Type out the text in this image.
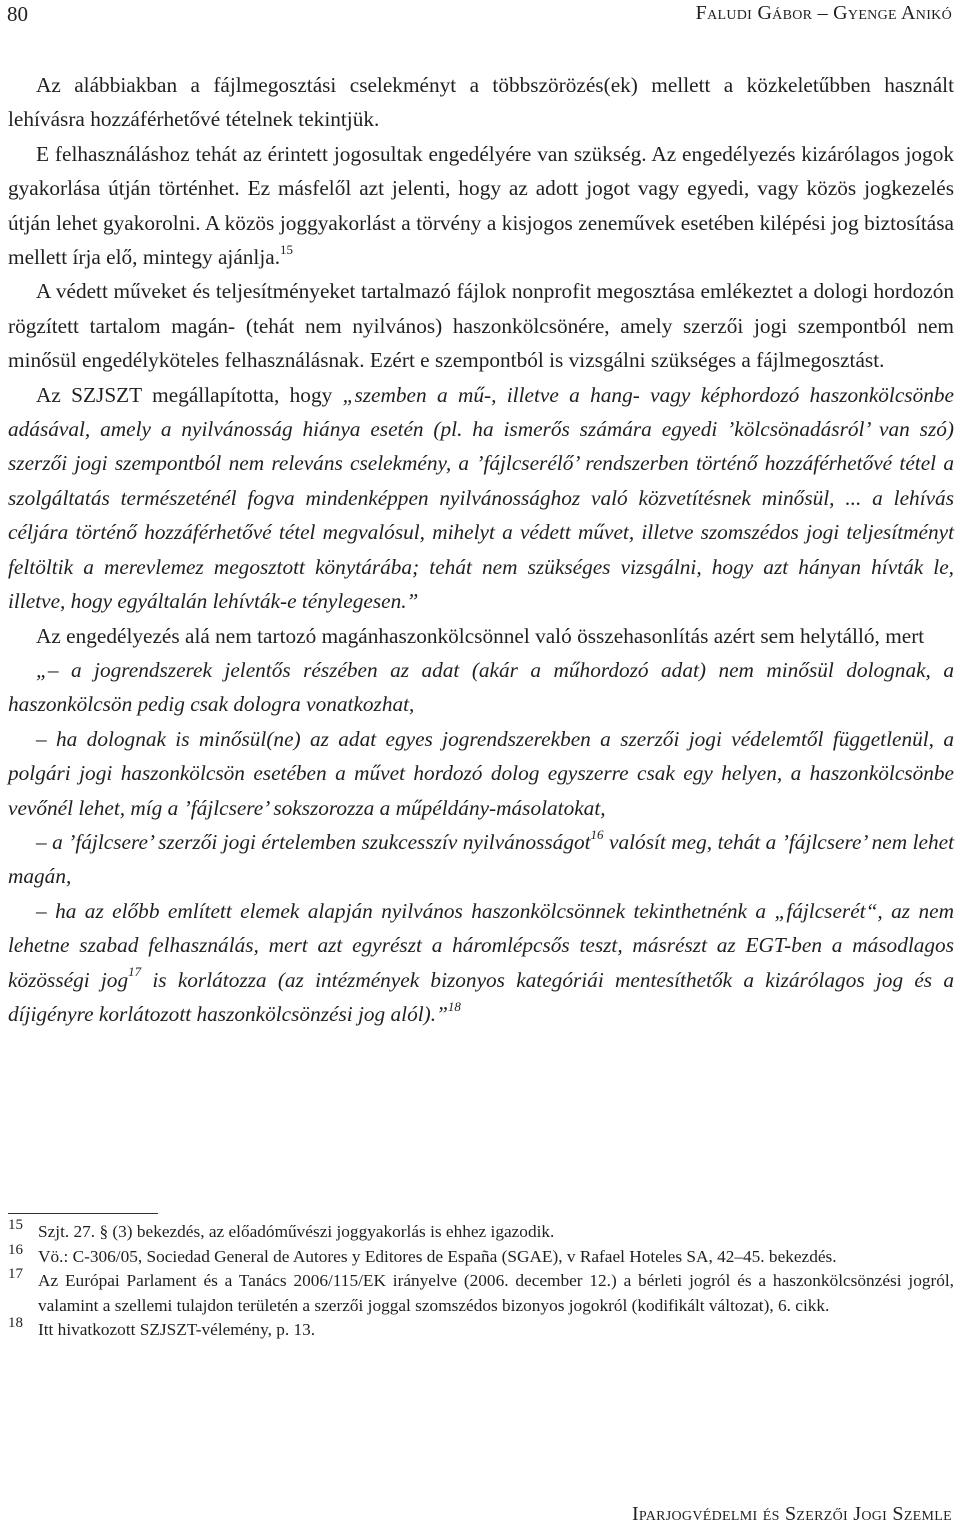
80	Faludi Gábor – Gyenge Anikó

Az alábbiakban a fájlmegosztási cselekményt a többszörözés(ek) mellett a közkeletűbben használt lehívásra hozzáférhetővé tételnek tekintjük.

E felhasználáshoz tehát az érintett jogosultak engedélyére van szükség. Az engedélyezés kizárólagos jogok gyakorlása útján történhet. Ez másfelől azt jelenti, hogy az adott jogot vagy egyedi, vagy közös jogkezelés útján lehet gyakorolni. A közös joggyakorlást a törvény a kisjogos zeneművek esetében kilépési jog biztosítása mellett írja elő, mintegy ajánlja.$^{15}$

A védett műveket és teljesítményeket tartalmazó fájlok nonprofit megosztása emlékeztet a dologi hordozón rögzített tartalom magán- (tehát nem nyilvános) haszonkölcsönére, amely szerzői jogi szempontból nem minősül engedélyköteles felhasználásnak. Ezért e szempontból is vizsgálni szükséges a fájlmegosztást.

Az SZJSZT megállapította, hogy „szemben a mű-, illetve a hang- vagy képhordozó haszonkölcsönbe adásával, amely a nyilvánosság hiánya esetén (pl. ha ismerős számára egyedi ’kölcsönadásról’ van szó) szerzői jogi szempontból nem releváns cselekmény, a ’fájlcserélő’ rendszerben történő hozzáférhetővé tétel a szolgáltatás természeténél fogva mindenképpen nyilvánossághoz való közvetítésnek minősül, ... a lehívás céljára történő hozzáférhetővé tétel megvalósul, mihelyt a védett művet, illetve szomszédos jogi teljesítményt feltöltik a merevlemez megosztott könytárába; tehát nem szükséges vizsgálni, hogy azt hányan hívták le, illetve, hogy egyáltalán lehívták-e ténylegesen.”

Az engedélyezés alá nem tartozó magánhaszonkölcsönnel való összehasonlítás azért sem helytálló, mert

„– a jogrendszerek jelentős részében az adat (akár a műhordozó adat) nem minősül dolognak, a haszonkölcsön pedig csak dologra vonatkozhat,

– ha dolognak is minősül(ne) az adat egyes jogrendszerekben a szerzői jogi védelemtől függetlenül, a polgári jogi haszonkölcsön esetében a művet hordozó dolog egyszerre csak egy helyen, a haszonkölcsönbe vevőnél lehet, míg a ’fájlcsere’ sokszorozza a műpéldány-másolatokat,

– a ’fájlcsere’ szerzői jogi értelemben szukcesszív nyilvánosságot$^{16}$ valósít meg, tehát a ’fájlcsere’ nem lehet magán,

– ha az előbb említett elemek alapján nyilvános haszonkölcsönnek tekinthetnénk a „fájlcserét“, az nem lehetne szabad felhasználás, mert azt egyrészt a háromlépcsős teszt, másrészt az EGT-ben a másodlagos közösségi jog$^{17}$ is korlátozza (az intézmények bizonyos kategóriái mentesíthetők a kizárólagos jog és a díjigényre korlátozott haszonkölcsönzési jog alól).”$^{18}$

15 Szjt. 27. § (3) bekezdés, az előadóművészi joggyakorlás is ehhez igazodik.

16 Vö.: C-306/05, Sociedad General de Autores y Editores de España (SGAE), v Rafael Hoteles SA, 42–45. bekezdés.

17 Az Európai Parlament és a Tanács 2006/115/EK irányelve (2006. december 12.) a bérleti jogról és a haszonkölcsönzési jogról, valamint a szellemi tulajdon területén a szerzői joggal szomszédos bizonyos jogokról (kodifikált változat), 6. cikk.

18 Itt hivatkozott SZJSZT-vélemény, p. 13.

Iparjogvédelmi és Szerzői Jogi Szemle
